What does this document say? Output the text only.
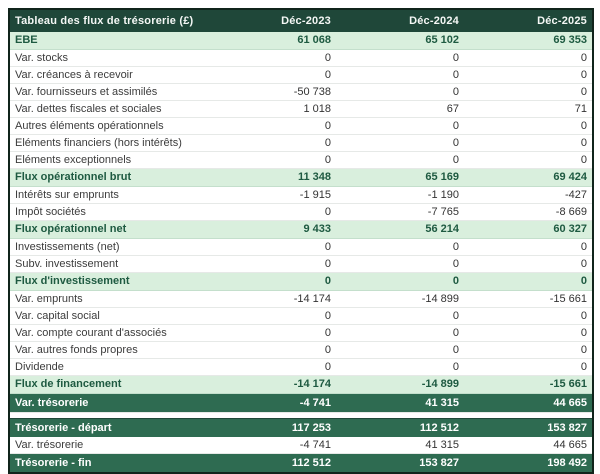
Tableau des flux de trésorerie (£)	Déc-2023	Déc-2024	Déc-2025
EBE	61 068	65 102	69 353
Var. stocks	0	0	0
Var. créances à recevoir	0	0	0
Var. fournisseurs et assimilés	-50 738	0	0
Var. dettes fiscales et sociales	1 018	67	71
Autres éléments opérationnels	0	0	0
Eléments financiers (hors intérêts)	0	0	0
Eléments exceptionnels	0	0	0
Flux opérationnel brut	11 348	65 169	69 424
Intérêts sur emprunts	-1 915	-1 190	-427
Impôt sociétés	0	-7 765	-8 669
Flux opérationnel net	9 433	56 214	60 327
Investissements (net)	0	0	0
Subv. investissement	0	0	0
Flux d'investissement	0	0	0
Var. emprunts	-14 174	-14 899	-15 661
Var. capital social	0	0	0
Var. compte courant d'associés	0	0	0
Var. autres fonds propres	0	0	0
Dividende	0	0	0
Flux de financement	-14 174	-14 899	-15 661
Var. trésorerie	-4 741	41 315	44 665

Trésorerie - départ	117 253	112 512	153 827
Var. trésorerie	-4 741	41 315	44 665
Trésorerie - fin	112 512	153 827	198 492
